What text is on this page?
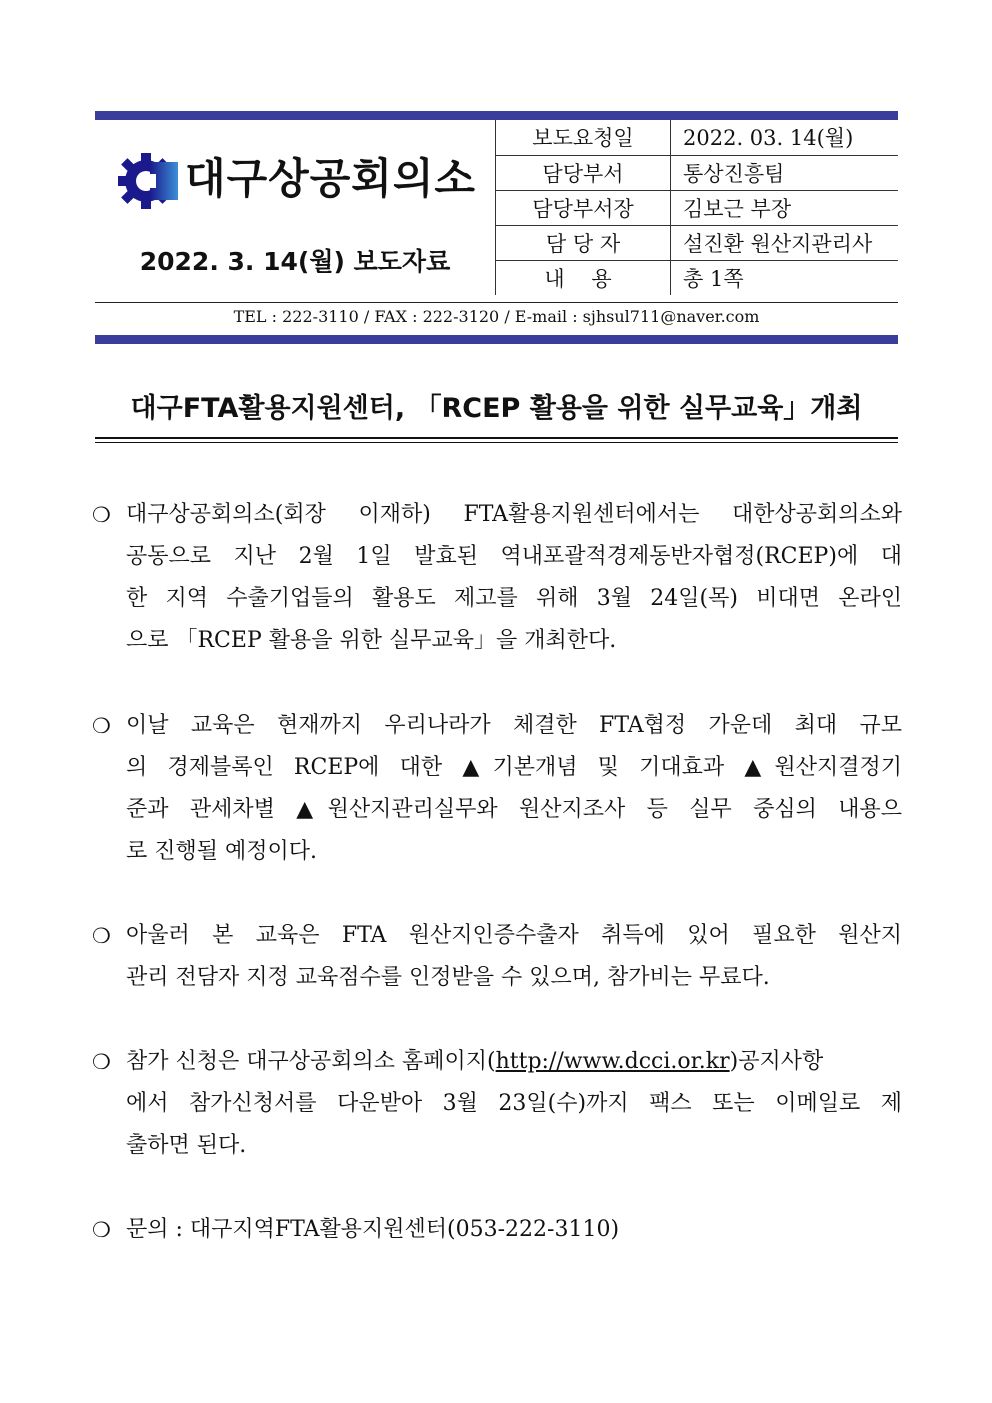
대구상공회의소
2022. 3. 14(월) 보도자료
보도요청일	2022. 03. 14(월)
담당부서	통상진흥팀
담당부서장	김보근 부장
담 당 자	설진환 원산지관리사
내 용	총 1쪽
TEL : 222-3110 / FAX : 222-3120 / E-mail : sjhsul711@naver.com
대구FTA활용지원센터, 「RCEP 활용을 위한 실무교육」개최
❍ 대구상공회의소(회장 이재하) FTA활용지원센터에서는 대한상공회의소와
공동으로 지난 2월 1일 발효된 역내포괄적경제동반자협정(RCEP)에 대
한 지역 수출기업들의 활용도 제고를 위해 3월 24일(목) 비대면 온라인
으로 「RCEP 활용을 위한 실무교육」을 개최한다.
❍ 이날 교육은 현재까지 우리나라가 체결한 FTA협정 가운데 최대 규모
의 경제블록인 RCEP에 대한 ▲기본개념 및 기대효과 ▲원산지결정기
준과 관세차별 ▲원산지관리실무와 원산지조사 등 실무 중심의 내용으
로 진행될 예정이다.
❍ 아울러 본 교육은 FTA 원산지인증수출자 취득에 있어 필요한 원산지
관리 전담자 지정 교육점수를 인정받을 수 있으며, 참가비는 무료다.
❍ 참가 신청은 대구상공회의소 홈페이지(http://www.dcci.or.kr)공지사항
에서 참가신청서를 다운받아 3월 23일(수)까지 팩스 또는 이메일로 제
출하면 된다.
❍ 문의 : 대구지역FTA활용지원센터(053-222-3110)
